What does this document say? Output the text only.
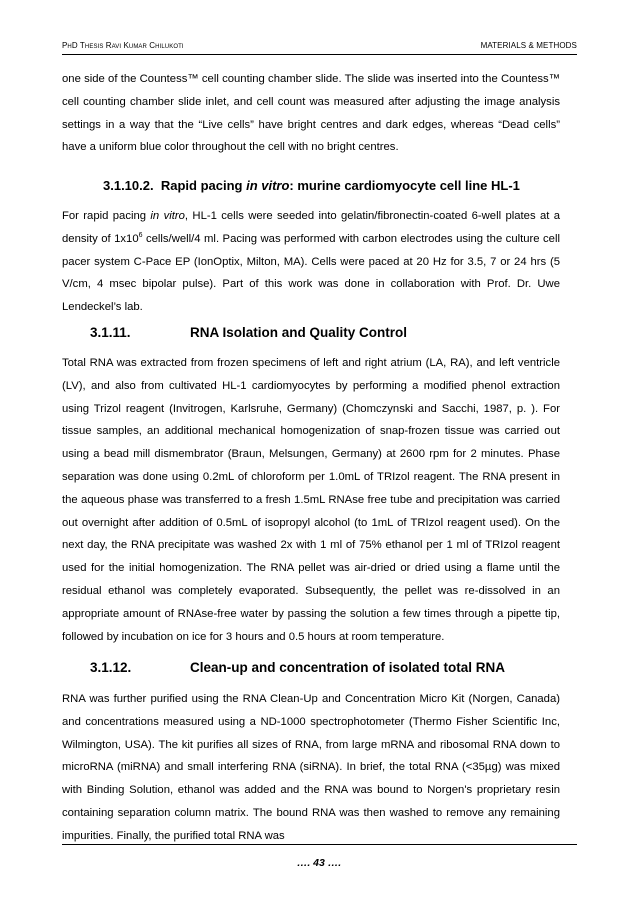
PhD Thesis Ravi Kumar Chilukoti	MATERIALS & METHODS

one side of the Countess™ cell counting chamber slide. The slide was inserted into the Countess™ cell counting chamber slide inlet, and cell count was measured after adjusting the image analysis settings in a way that the “Live cells” have bright centres and dark edges, whereas “Dead cells” have a uniform blue color throughout the cell with no bright centres.

3.1.10.2. Rapid pacing in vitro: murine cardiomyocyte cell line HL-1

For rapid pacing in vitro, HL-1 cells were seeded into gelatin/fibronectin-coated 6-well plates at a density of $1x10^6$ cells/well/4 ml. Pacing was performed with carbon electrodes using the culture cell pacer system C-Pace EP (IonOptix, Milton, MA). Cells were paced at 20 Hz for 3.5, 7 or 24 hrs (5 V/cm, 4 msec bipolar pulse). Part of this work was done in collaboration with Prof. Dr. Uwe Lendeckel’s lab.

3.1.11.	RNA Isolation and Quality Control

Total RNA was extracted from frozen specimens of left and right atrium (LA, RA), and left ventricle (LV), and also from cultivated HL-1 cardiomyocytes by performing a modified phenol extraction using Trizol reagent (Invitrogen, Karlsruhe, Germany) (Chomczynski and Sacchi, 1987, p. ). For tissue samples, an additional mechanical homogenization of snap-frozen tissue was carried out using a bead mill dismembrator (Braun, Melsungen, Germany) at 2600 rpm for 2 minutes. Phase separation was done using 0.2mL of chloroform per 1.0mL of TRIzol reagent. The RNA present in the aqueous phase was transferred to a fresh 1.5mL RNAse free tube and precipitation was carried out overnight after addition of 0.5mL of isopropyl alcohol (to 1mL of TRIzol reagent used). On the next day, the RNA precipitate was washed 2x with 1 ml of 75% ethanol per 1 ml of TRIzol reagent used for the initial homogenization. The RNA pellet was air-dried or dried using a flame until the residual ethanol was completely evaporated. Subsequently, the pellet was re-dissolved in an appropriate amount of RNAse-free water by passing the solution a few times through a pipette tip, followed by incubation on ice for 3 hours and 0.5 hours at room temperature.

3.1.12.	Clean-up and concentration of isolated total RNA

RNA was further purified using the RNA Clean-Up and Concentration Micro Kit (Norgen, Canada) and concentrations measured using a ND-1000 spectrophotometer (Thermo Fisher Scientific Inc, Wilmington, USA). The kit purifies all sizes of RNA, from large mRNA and ribosomal RNA down to microRNA (miRNA) and small interfering RNA (siRNA). In brief, the total RNA (<35µg) was mixed with Binding Solution, ethanol was added and the RNA was bound to Norgen's proprietary resin containing separation column matrix. The bound RNA was then washed to remove any remaining impurities. Finally, the purified total RNA was

…. 43 ….
